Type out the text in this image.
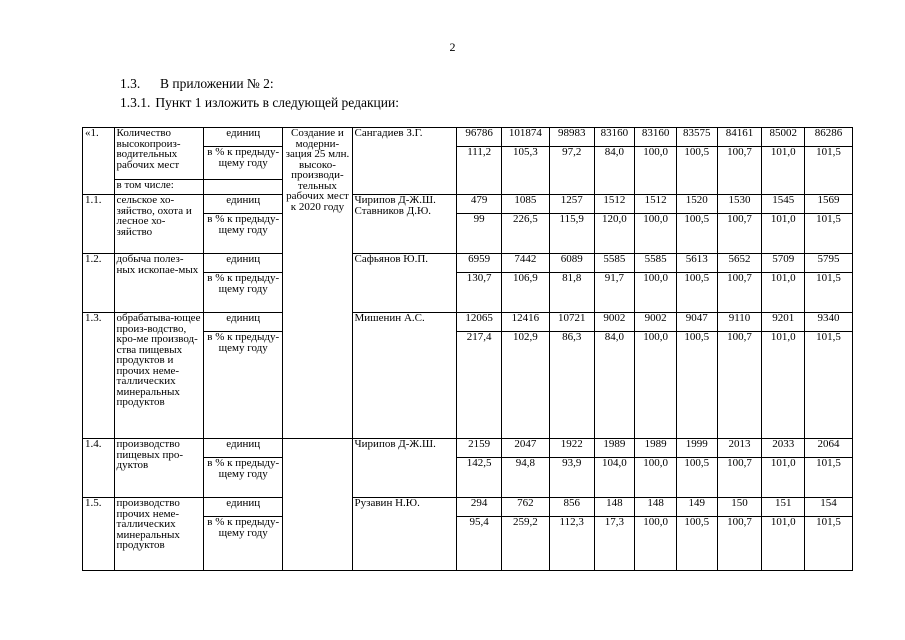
2
1.3. В приложении № 2:
1.3.1. Пункт 1 изложить в следующей редакции:
«1.	Количество высокопроиз-водительных рабочих мест	единиц	Создание и модерни-зация 25 млн. высоко-производи-тельных рабочих мест к 2020 году	Сангадиев З.Г.	96786	101874	98983	83160	83160	83575	84161	85002	86286
		в % к предыду-щему году			111,2	105,3	97,2	84,0	100,0	100,5	100,7	101,0	101,5
	в том числе:												
1.1.	сельское хо-зяйство, охота и лесное хо-зяйство	единиц		Чирипов Д-Ж.Ш. Ставников Д.Ю.	479	1085	1257	1512	1512	1520	1530	1545	1569
		в % к предыду-щему году			99	226,5	115,9	120,0	100,0	100,5	100,7	101,0	101,5
1.2.	добыча полез-ных ископае-мых	единиц		Сафьянов Ю.П.	6959	7442	6089	5585	5585	5613	5652	5709	5795
		в % к предыду-щему году			130,7	106,9	81,8	91,7	100,0	100,5	100,7	101,0	101,5
1.3.	обрабатыва-ющее произ-водство, кро-ме производ-ства пищевых продуктов и прочих неме-таллических минеральных продуктов	единиц		Мишенин А.С.	12065	12416	10721	9002	9002	9047	9110	9201	9340
		в % к предыду-щему году			217,4	102,9	86,3	84,0	100,0	100,5	100,7	101,0	101,5
1.4.	производство пищевых про-дуктов	единиц		Чирипов Д-Ж.Ш.	2159	2047	1922	1989	1989	1999	2013	2033	2064
		в % к предыду-щему году			142,5	94,8	93,9	104,0	100,0	100,5	100,7	101,0	101,5
1.5.	производство прочих неме-таллических минеральных продуктов	единиц		Рузавин Н.Ю.	294	762	856	148	148	149	150	151	154
		в % к предыду-щему году			95,4	259,2	112,3	17,3	100,0	100,5	100,7	101,0	101,5
